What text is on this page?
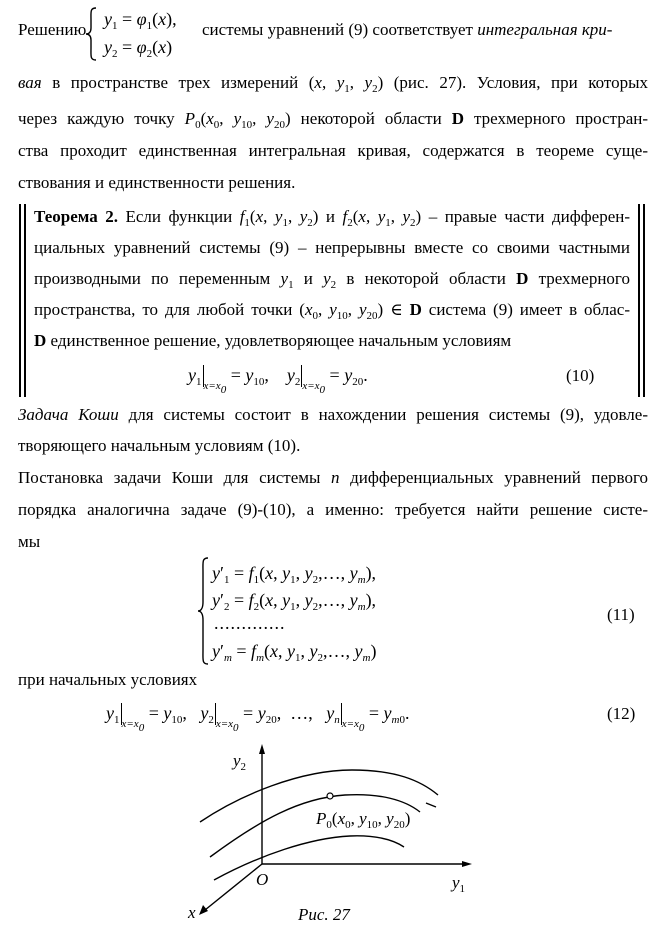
Решению
$y_1 = \varphi_1(x)$,
$y_2 = \varphi_2(x)$
системы уравнений (9) соответствует интегральная кри-
вая в пространстве трех измерений (x, $y_1$, $y_2$) (рис. 27). Условия, при которых
через каждую точку $P_0(x_0$, $y_{10}$, $y_{20}$) некоторой области D трехмерного простран-
ства проходит единственная интегральная кривая, содержатся в теореме суще-
ствования и единственности решения.
Теорема 2. Если функции $f_1(x$, $y_1$, $y_2$) и $f_2(x$, $y_1$, $y_2$) – правые части дифферен-
циальных уравнений системы (9) – непрерывны вместе со своими частными
производными по переменным $y_1$ и $y_2$ в некоторой области D трехмерного
пространства, то для любой точки ($x_0$, $y_{10}$, $y_{20}$) ∈ D система (9) имеет в облас-
D единственное решение, удовлетворяющее начальным условиям
$y_1$ $_{x=x_0} = y_{10}$,    $y_2$ $_{x=x_0} = y_{20}$.	(10)
Задача Коши для системы состоит в нахождении решения системы (9), удовле-
творяющего начальным условиям (10).
Постановка задачи Коши для системы n дифференциальных уравнений первого
порядка аналогична задаче (9)-(10), а именно: требуется найти решение систе-
мы
$y'_1 = f_1(x$, $y_1$, $y_2,\dots$, $y_m$),
$y'_2 = f_2(x$, $y_1$, $y_2,\dots$, $y_m$),
.............
$y'_m = f_m(x$, $y_1$, $y_2,\dots$, $y_m$)
(11)
при начальных условиях
$y_1$ $_{x=x_0} = y_{10}$,   $y_2$ $_{x=x_0} = y_{20}$,  …,   $y_n$ $_{x=x_0} = y_{m0}$.	(12)
$y_2$
$y_1$
x
O
$P_0(x_0$, $y_{10}$, $y_{20}$)
Рис. 27
